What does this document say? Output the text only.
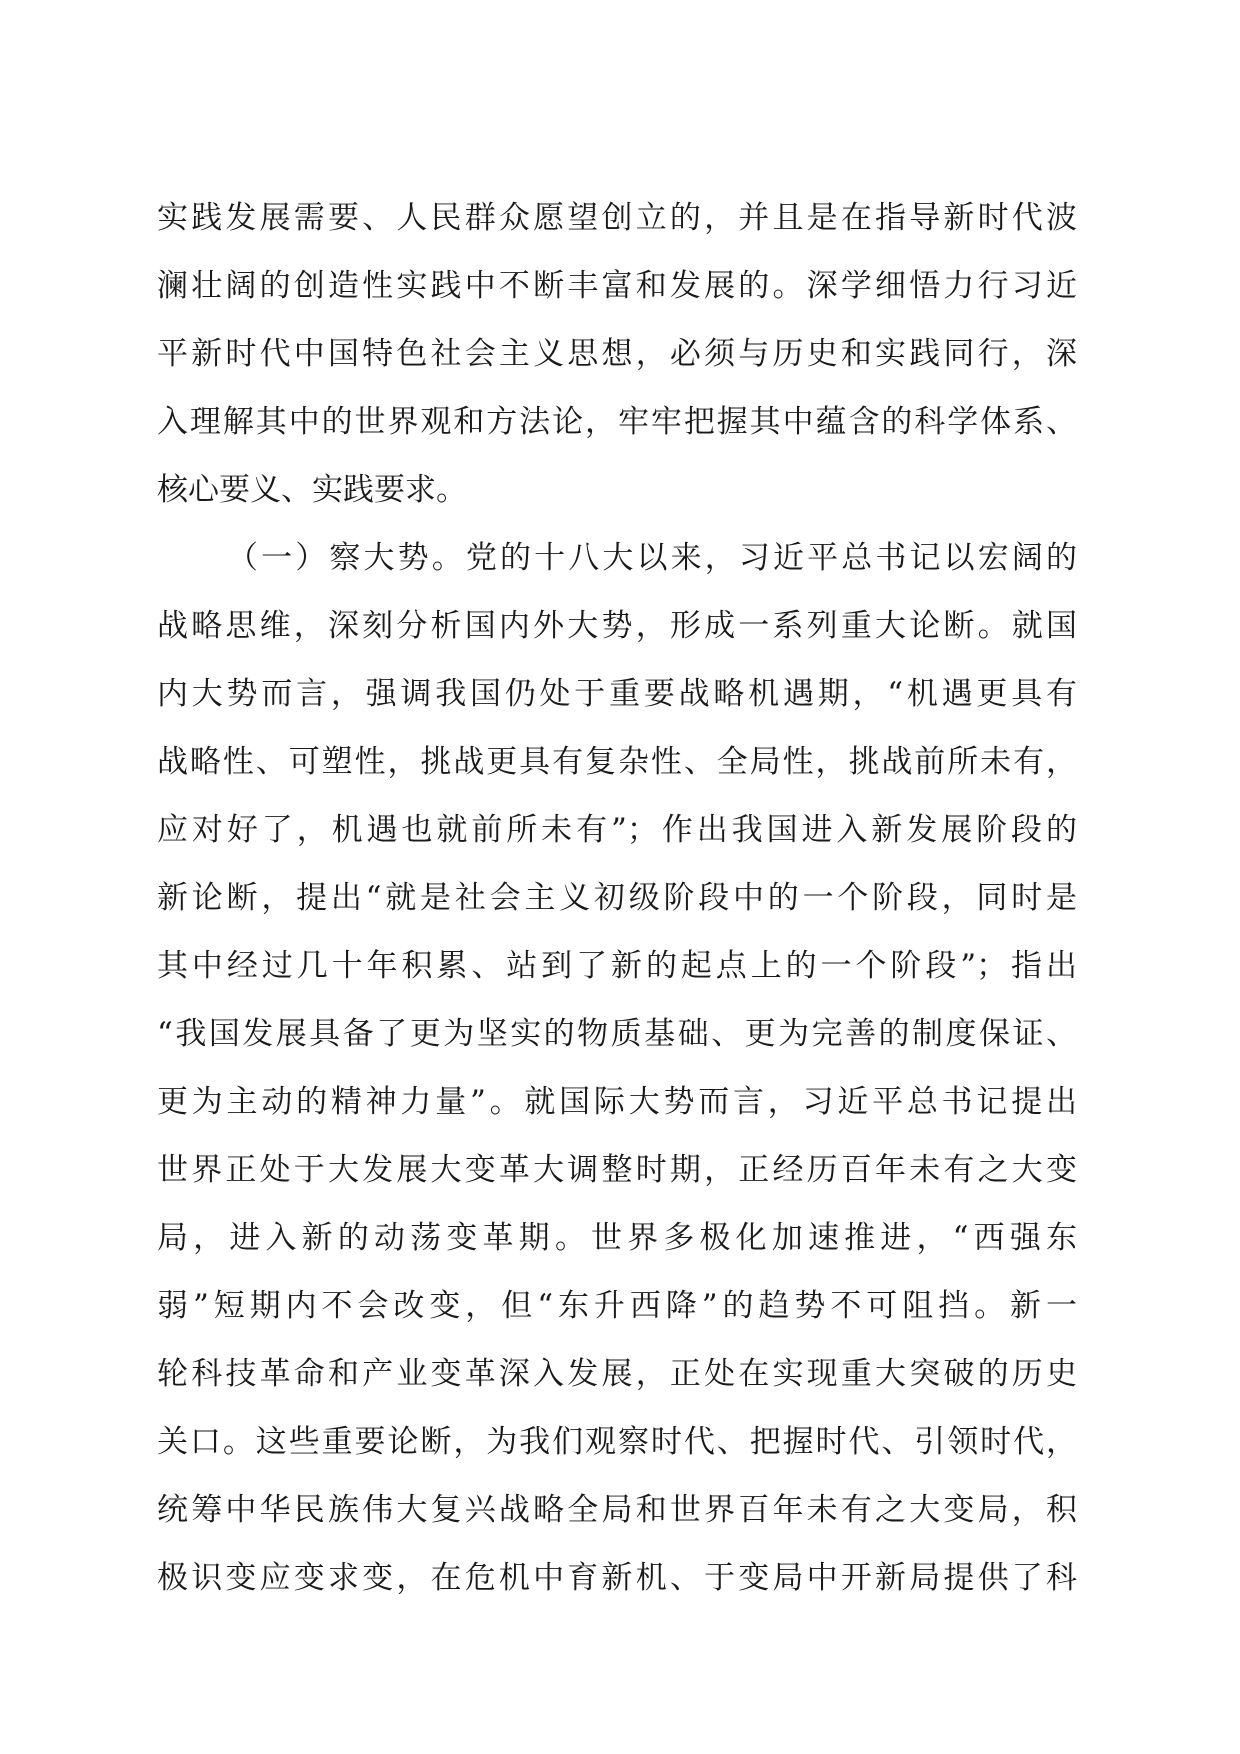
实践发展需要、人民群众愿望创立的，并且是在指导新时代波
澜壮阔的创造性实践中不断丰富和发展的。深学细悟力行习近
平新时代中国特色社会主义思想，必须与历史和实践同行，深
入理解其中的世界观和方法论，牢牢把握其中蕴含的科学体系、
核心要义、实践要求。
（一）察大势。党的十八大以来，习近平总书记以宏阔的
战略思维，深刻分析国内外大势，形成一系列重大论断。就国
内大势而言，强调我国仍处于重要战略机遇期，“机遇更具有
战略性、可塑性，挑战更具有复杂性、全局性，挑战前所未有，
应对好了，机遇也就前所未有”；作出我国进入新发展阶段的
新论断，提出“就是社会主义初级阶段中的一个阶段，同时是
其中经过几十年积累、站到了新的起点上的一个阶段”；指出
“我国发展具备了更为坚实的物质基础、更为完善的制度保证、
更为主动的精神力量”。就国际大势而言，习近平总书记提出
世界正处于大发展大变革大调整时期，正经历百年未有之大变
局，进入新的动荡变革期。世界多极化加速推进，“西强东
弱”短期内不会改变，但“东升西降”的趋势不可阻挡。新一
轮科技革命和产业变革深入发展，正处在实现重大突破的历史
关口。这些重要论断，为我们观察时代、把握时代、引领时代，
统筹中华民族伟大复兴战略全局和世界百年未有之大变局，积
极识变应变求变，在危机中育新机、于变局中开新局提供了科
